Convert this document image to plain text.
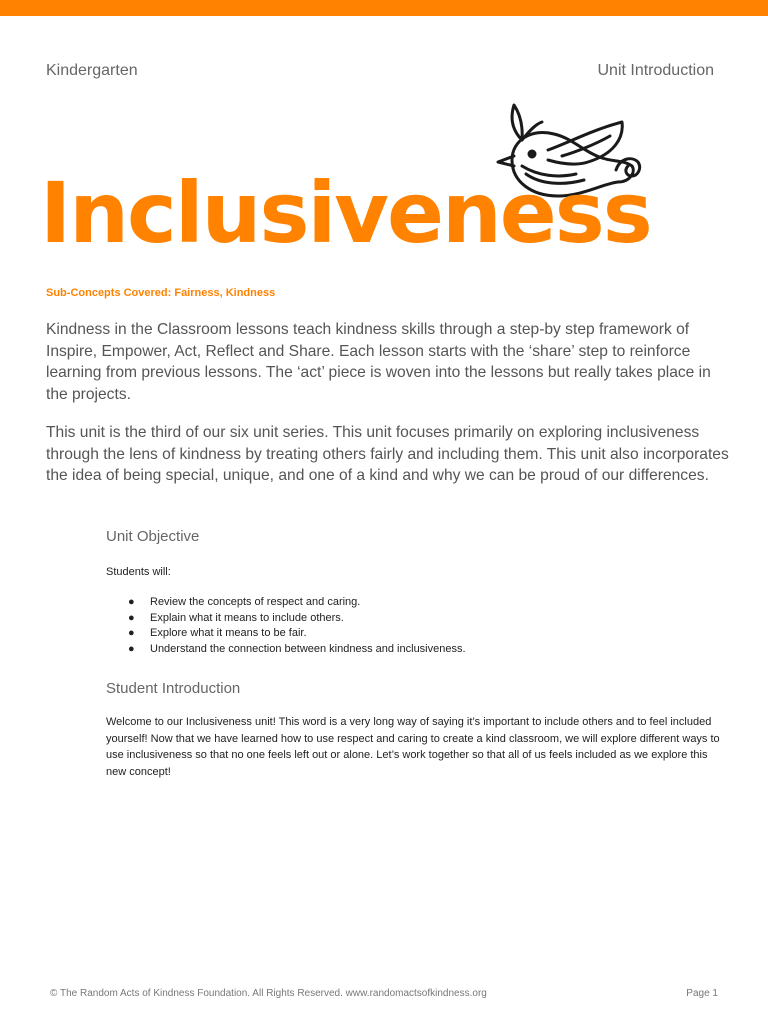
Kindergarten	Unit Introduction
Inclusiveness
Sub-Concepts Covered: Fairness, Kindness

Kindness in the Classroom lessons teach kindness skills through a step-by step framework of Inspire, Empower, Act, Reflect and Share. Each lesson starts with the ‘share’ step to reinforce learning from previous lessons. The ‘act’ piece is woven into the lessons but really takes place in the projects.

This unit is the third of our six unit series. This unit focuses primarily on exploring inclusiveness through the lens of kindness by treating others fairly and including them. This unit also incorporates the idea of being special, unique, and one of a kind and why we can be proud of our differences.

Unit Objective
Students will:
● Review the concepts of respect and caring.
● Explain what it means to include others.
● Explore what it means to be fair.
● Understand the connection between kindness and inclusiveness.
Student Introduction

Welcome to our Inclusiveness unit! This word is a very long way of saying it’s important to include others and to feel included yourself! Now that we have learned how to use respect and caring to create a kind classroom, we will explore different ways to use inclusiveness so that no one feels left out or alone. Let’s work together so that all of us feels included as we explore this new concept!

© The Random Acts of Kindness Foundation. All Rights Reserved. www.randomactsofkindness.org	Page 1
